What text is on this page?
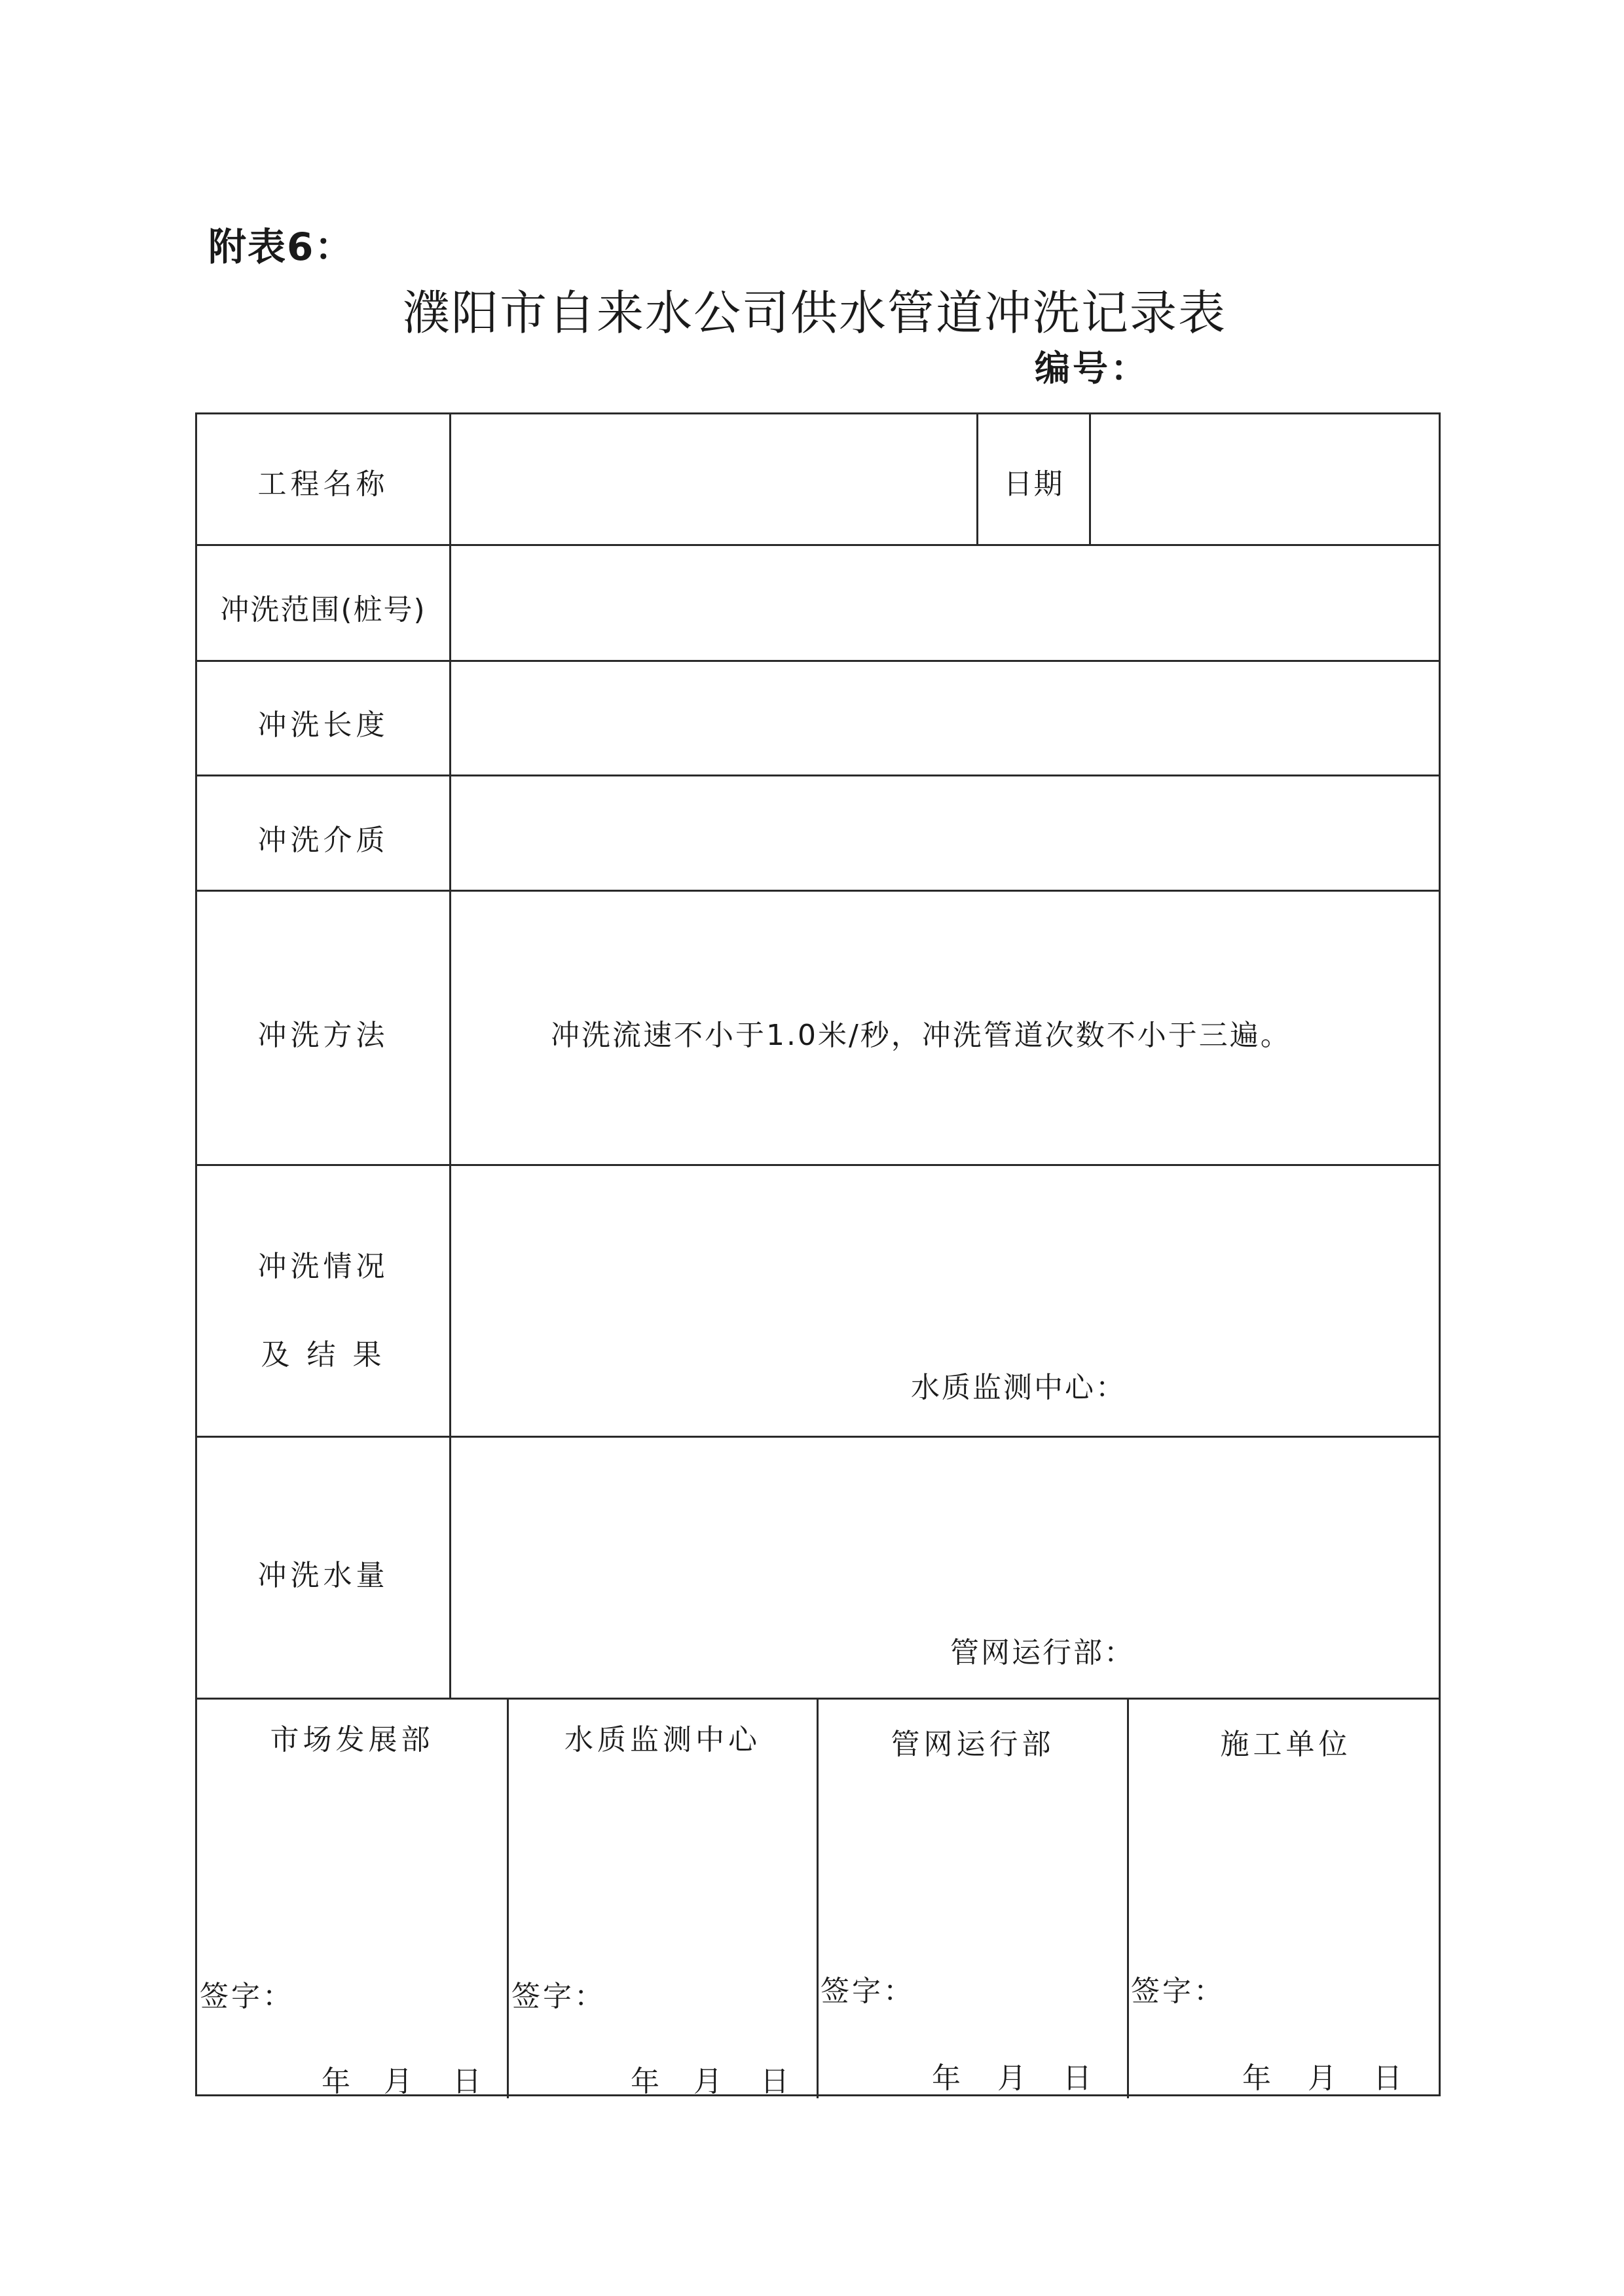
附表6：
濮阳市自来水公司供水管道冲洗记录表
编号：
工程名称	日期
冲洗范围(桩号)
冲洗长度
冲洗介质
冲洗方法	冲洗流速不小于1.0米/秒，冲洗管道次数不小于三遍。
冲洗情况
及 结 果
水质监测中心：
冲洗水量
管网运行部：
市场发展部	水质监测中心	管网运行部	施工单位
签字：	签字：	签字：	签字：
年 月 日	年 月 日	年 月 日	年 月 日
